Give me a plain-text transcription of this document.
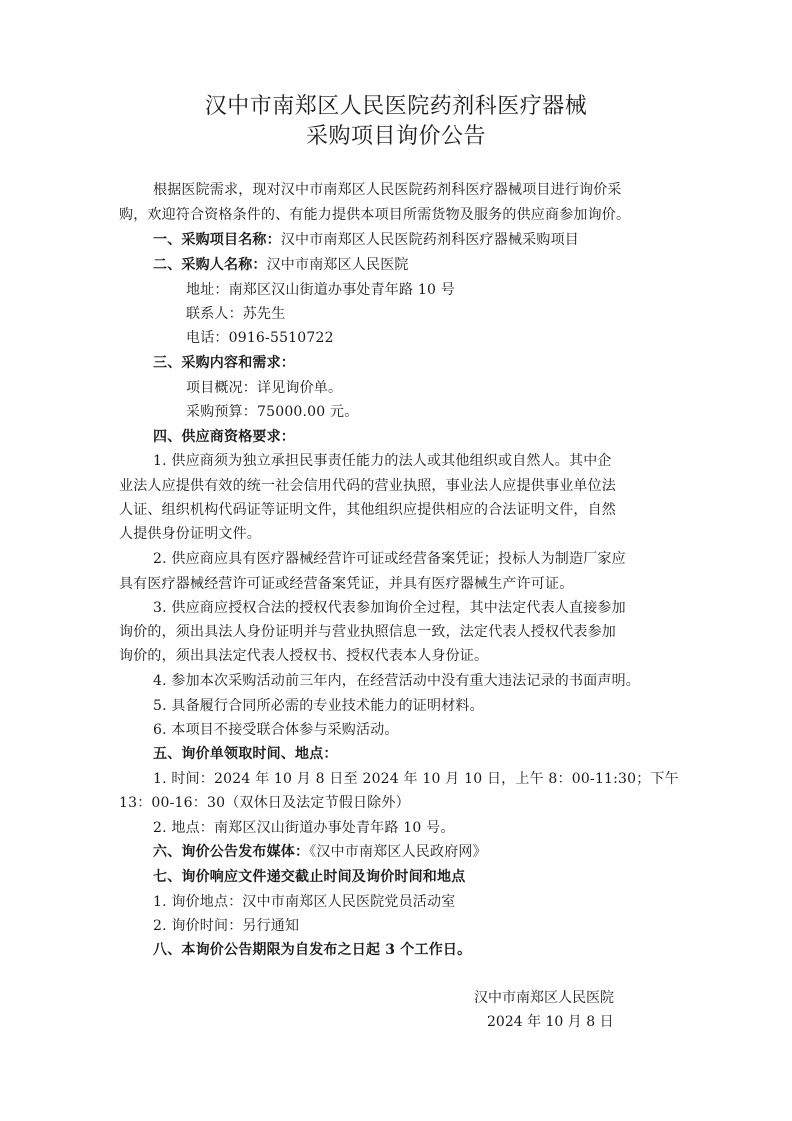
汉中市南郑区人民医院药剂科医疗器械
采购项目询价公告
根据医院需求，现对汉中市南郑区人民医院药剂科医疗器械项目进行询价采
购，欢迎符合资格条件的、有能力提供本项目所需货物及服务的供应商参加询价。
一、采购项目名称：汉中市南郑区人民医院药剂科医疗器械采购项目
二、采购人名称：汉中市南郑区人民医院
地址：南郑区汉山街道办事处青年路 10 号
联系人：苏先生
电话：0916-5510722
三、采购内容和需求：
项目概况：详见询价单。
采购预算：75000.00 元。
四、供应商资格要求：
1. 供应商须为独立承担民事责任能力的法人或其他组织或自然人。其中企
业法人应提供有效的统一社会信用代码的营业执照，事业法人应提供事业单位法
人证、组织机构代码证等证明文件，其他组织应提供相应的合法证明文件，自然
人提供身份证明文件。
2. 供应商应具有医疗器械经营许可证或经营备案凭证；投标人为制造厂家应
具有医疗器械经营许可证或经营备案凭证，并具有医疗器械生产许可证。
3. 供应商应授权合法的授权代表参加询价全过程，其中法定代表人直接参加
询价的，须出具法人身份证明并与营业执照信息一致，法定代表人授权代表参加
询价的，须出具法定代表人授权书、授权代表本人身份证。
4. 参加本次采购活动前三年内，在经营活动中没有重大违法记录的书面声明。
5. 具备履行合同所必需的专业技术能力的证明材料。
6. 本项目不接受联合体参与采购活动。
五、询价单领取时间、地点：
1. 时间：2024 年 10 月 8 日至 2024 年 10 月 10 日，上午 8：00-11:30；下午
13：00-16：30（双休日及法定节假日除外）
2. 地点：南郑区汉山街道办事处青年路 10 号。
六、询价公告发布媒体：《汉中市南郑区人民政府网》
七、询价响应文件递交截止时间及询价时间和地点
1. 询价地点：汉中市南郑区人民医院党员活动室
2. 询价时间：另行通知
八、本询价公告期限为自发布之日起 3 个工作日。
汉中市南郑区人民医院
2024 年 10 月 8 日
